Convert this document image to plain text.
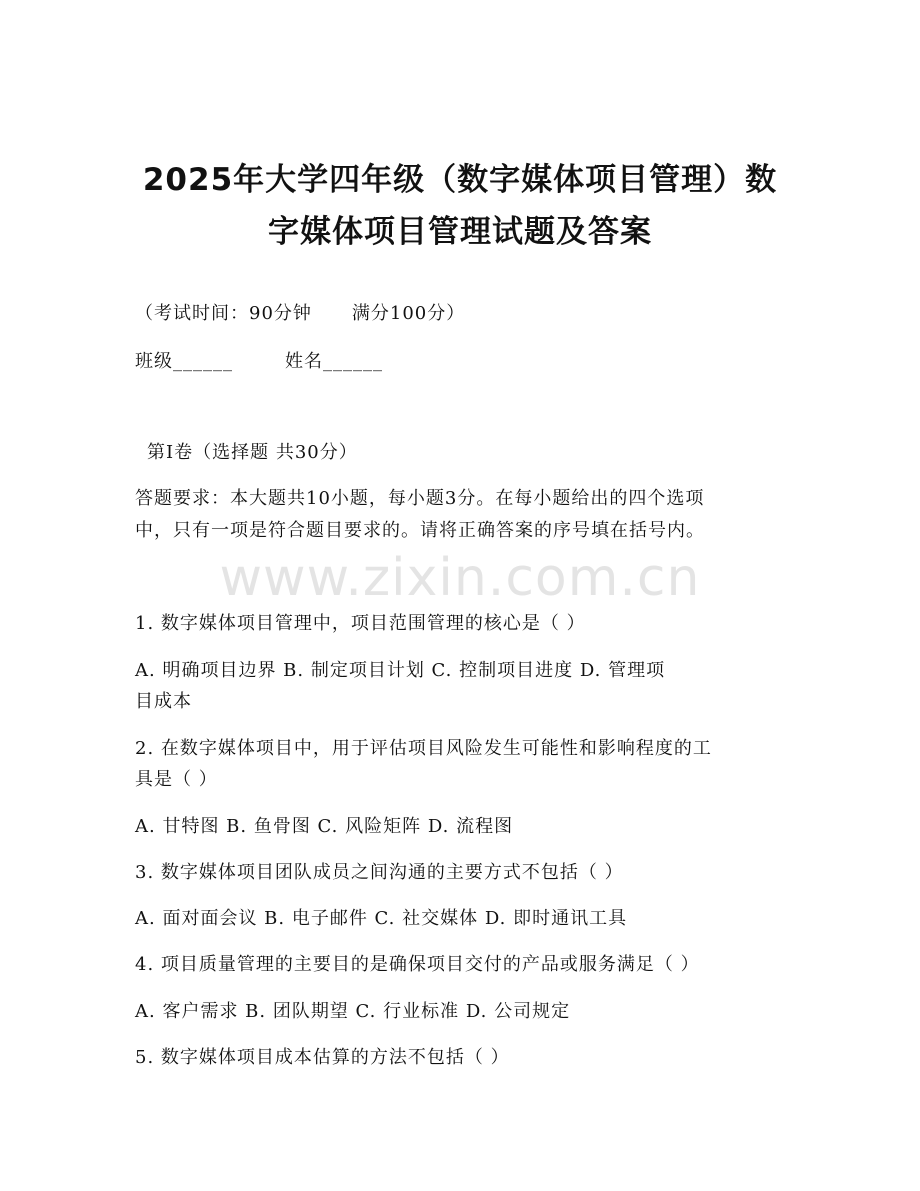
2025年大学四年级（数字媒体项目管理）数
字媒体项目管理试题及答案
（考试时间：90分钟 满分100分）
班级______	姓名______
第I卷（选择题 共30分）
答题要求：本大题共10小题，每小题3分。在每小题给出的四个选项
中，只有一项是符合题目要求的。请将正确答案的序号填在括号内。
www.zixin.com.cn
1. 数字媒体项目管理中，项目范围管理的核心是（ ）
A. 明确项目边界 B. 制定项目计划 C. 控制项目进度 D. 管理项
目成本
2. 在数字媒体项目中，用于评估项目风险发生可能性和影响程度的工
具是（ ）
A. 甘特图 B. 鱼骨图 C. 风险矩阵 D. 流程图
3. 数字媒体项目团队成员之间沟通的主要方式不包括（ ）
A. 面对面会议 B. 电子邮件 C. 社交媒体 D. 即时通讯工具
4. 项目质量管理的主要目的是确保项目交付的产品或服务满足（ ）
A. 客户需求 B. 团队期望 C. 行业标准 D. 公司规定
5. 数字媒体项目成本估算的方法不包括（ ）
